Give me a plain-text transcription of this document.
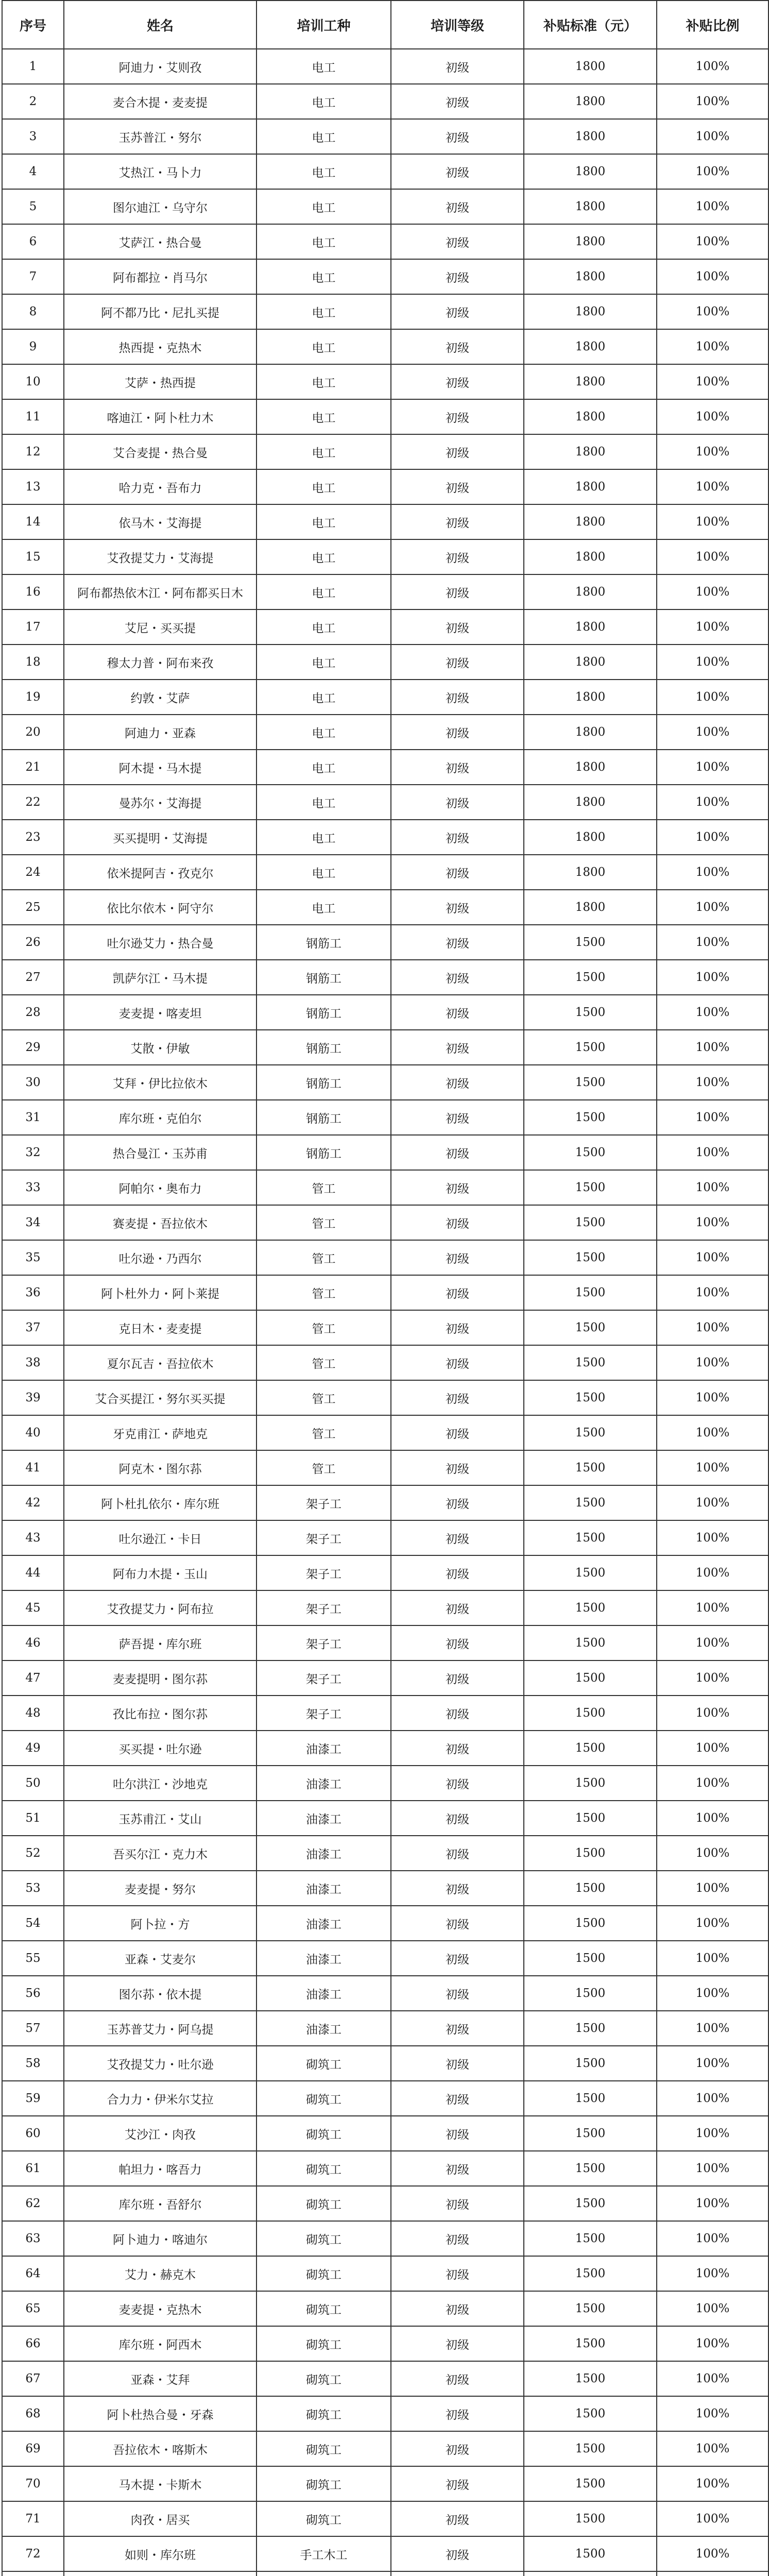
序号	姓名	培训工种	培训等级	补贴标准（元）	补贴比例
1	阿迪力・艾则孜	电工	初级	1800	100%
2	麦合木提・麦麦提	电工	初级	1800	100%
3	玉苏普江・努尔	电工	初级	1800	100%
4	艾热江・马卜力	电工	初级	1800	100%
5	图尔迪江・乌守尔	电工	初级	1800	100%
6	艾萨江・热合曼	电工	初级	1800	100%
7	阿布都拉・肖马尔	电工	初级	1800	100%
8	阿不都乃比・尼扎买提	电工	初级	1800	100%
9	热西提・克热木	电工	初级	1800	100%
10	艾萨・热西提	电工	初级	1800	100%
11	喀迪江・阿卜杜力木	电工	初级	1800	100%
12	艾合麦提・热合曼	电工	初级	1800	100%
13	哈力克・吾布力	电工	初级	1800	100%
14	依马木・艾海提	电工	初级	1800	100%
15	艾孜提艾力・艾海提	电工	初级	1800	100%
16	阿布都热依木江・阿布都买日木	电工	初级	1800	100%
17	艾尼・买买提	电工	初级	1800	100%
18	穆太力普・阿布来孜	电工	初级	1800	100%
19	约敦・艾萨	电工	初级	1800	100%
20	阿迪力・亚森	电工	初级	1800	100%
21	阿木提・马木提	电工	初级	1800	100%
22	曼苏尔・艾海提	电工	初级	1800	100%
23	买买提明・艾海提	电工	初级	1800	100%
24	依米提阿吉・孜克尔	电工	初级	1800	100%
25	依比尔依木・阿守尔	电工	初级	1800	100%
26	吐尔逊艾力・热合曼	钢筋工	初级	1500	100%
27	凯萨尔江・马木提	钢筋工	初级	1500	100%
28	麦麦提・喀麦坦	钢筋工	初级	1500	100%
29	艾散・伊敏	钢筋工	初级	1500	100%
30	艾拜・伊比拉依木	钢筋工	初级	1500	100%
31	库尔班・克伯尔	钢筋工	初级	1500	100%
32	热合曼江・玉苏甫	钢筋工	初级	1500	100%
33	阿帕尔・奥布力	管工	初级	1500	100%
34	赛麦提・吾拉依木	管工	初级	1500	100%
35	吐尔逊・乃西尔	管工	初级	1500	100%
36	阿卜杜外力・阿卜莱提	管工	初级	1500	100%
37	克日木・麦麦提	管工	初级	1500	100%
38	夏尔瓦吉・吾拉依木	管工	初级	1500	100%
39	艾合买提江・努尔买买提	管工	初级	1500	100%
40	牙克甫江・萨地克	管工	初级	1500	100%
41	阿克木・图尔荪	管工	初级	1500	100%
42	阿卜杜扎依尔・库尔班	架子工	初级	1500	100%
43	吐尔逊江・卡日	架子工	初级	1500	100%
44	阿布力木提・玉山	架子工	初级	1500	100%
45	艾孜提艾力・阿布拉	架子工	初级	1500	100%
46	萨吾提・库尔班	架子工	初级	1500	100%
47	麦麦提明・图尔荪	架子工	初级	1500	100%
48	孜比布拉・图尔荪	架子工	初级	1500	100%
49	买买提・吐尔逊	油漆工	初级	1500	100%
50	吐尔洪江・沙地克	油漆工	初级	1500	100%
51	玉苏甫江・艾山	油漆工	初级	1500	100%
52	吾买尔江・克力木	油漆工	初级	1500	100%
53	麦麦提・努尔	油漆工	初级	1500	100%
54	阿卜拉・方	油漆工	初级	1500	100%
55	亚森・艾麦尔	油漆工	初级	1500	100%
56	图尔荪・依木提	油漆工	初级	1500	100%
57	玉苏普艾力・阿乌提	油漆工	初级	1500	100%
58	艾孜提艾力・吐尔逊	砌筑工	初级	1500	100%
59	合力力・伊米尔艾拉	砌筑工	初级	1500	100%
60	艾沙江・肉孜	砌筑工	初级	1500	100%
61	帕坦力・喀吾力	砌筑工	初级	1500	100%
62	库尔班・吾舒尔	砌筑工	初级	1500	100%
63	阿卜迪力・喀迪尔	砌筑工	初级	1500	100%
64	艾力・赫克木	砌筑工	初级	1500	100%
65	麦麦提・克热木	砌筑工	初级	1500	100%
66	库尔班・阿西木	砌筑工	初级	1500	100%
67	亚森・艾拜	砌筑工	初级	1500	100%
68	阿卜杜热合曼・牙森	砌筑工	初级	1500	100%
69	吾拉依木・喀斯木	砌筑工	初级	1500	100%
70	马木提・卡斯木	砌筑工	初级	1500	100%
71	肉孜・居买	砌筑工	初级	1500	100%
72	如则・库尔班	手工木工	初级	1500	100%
